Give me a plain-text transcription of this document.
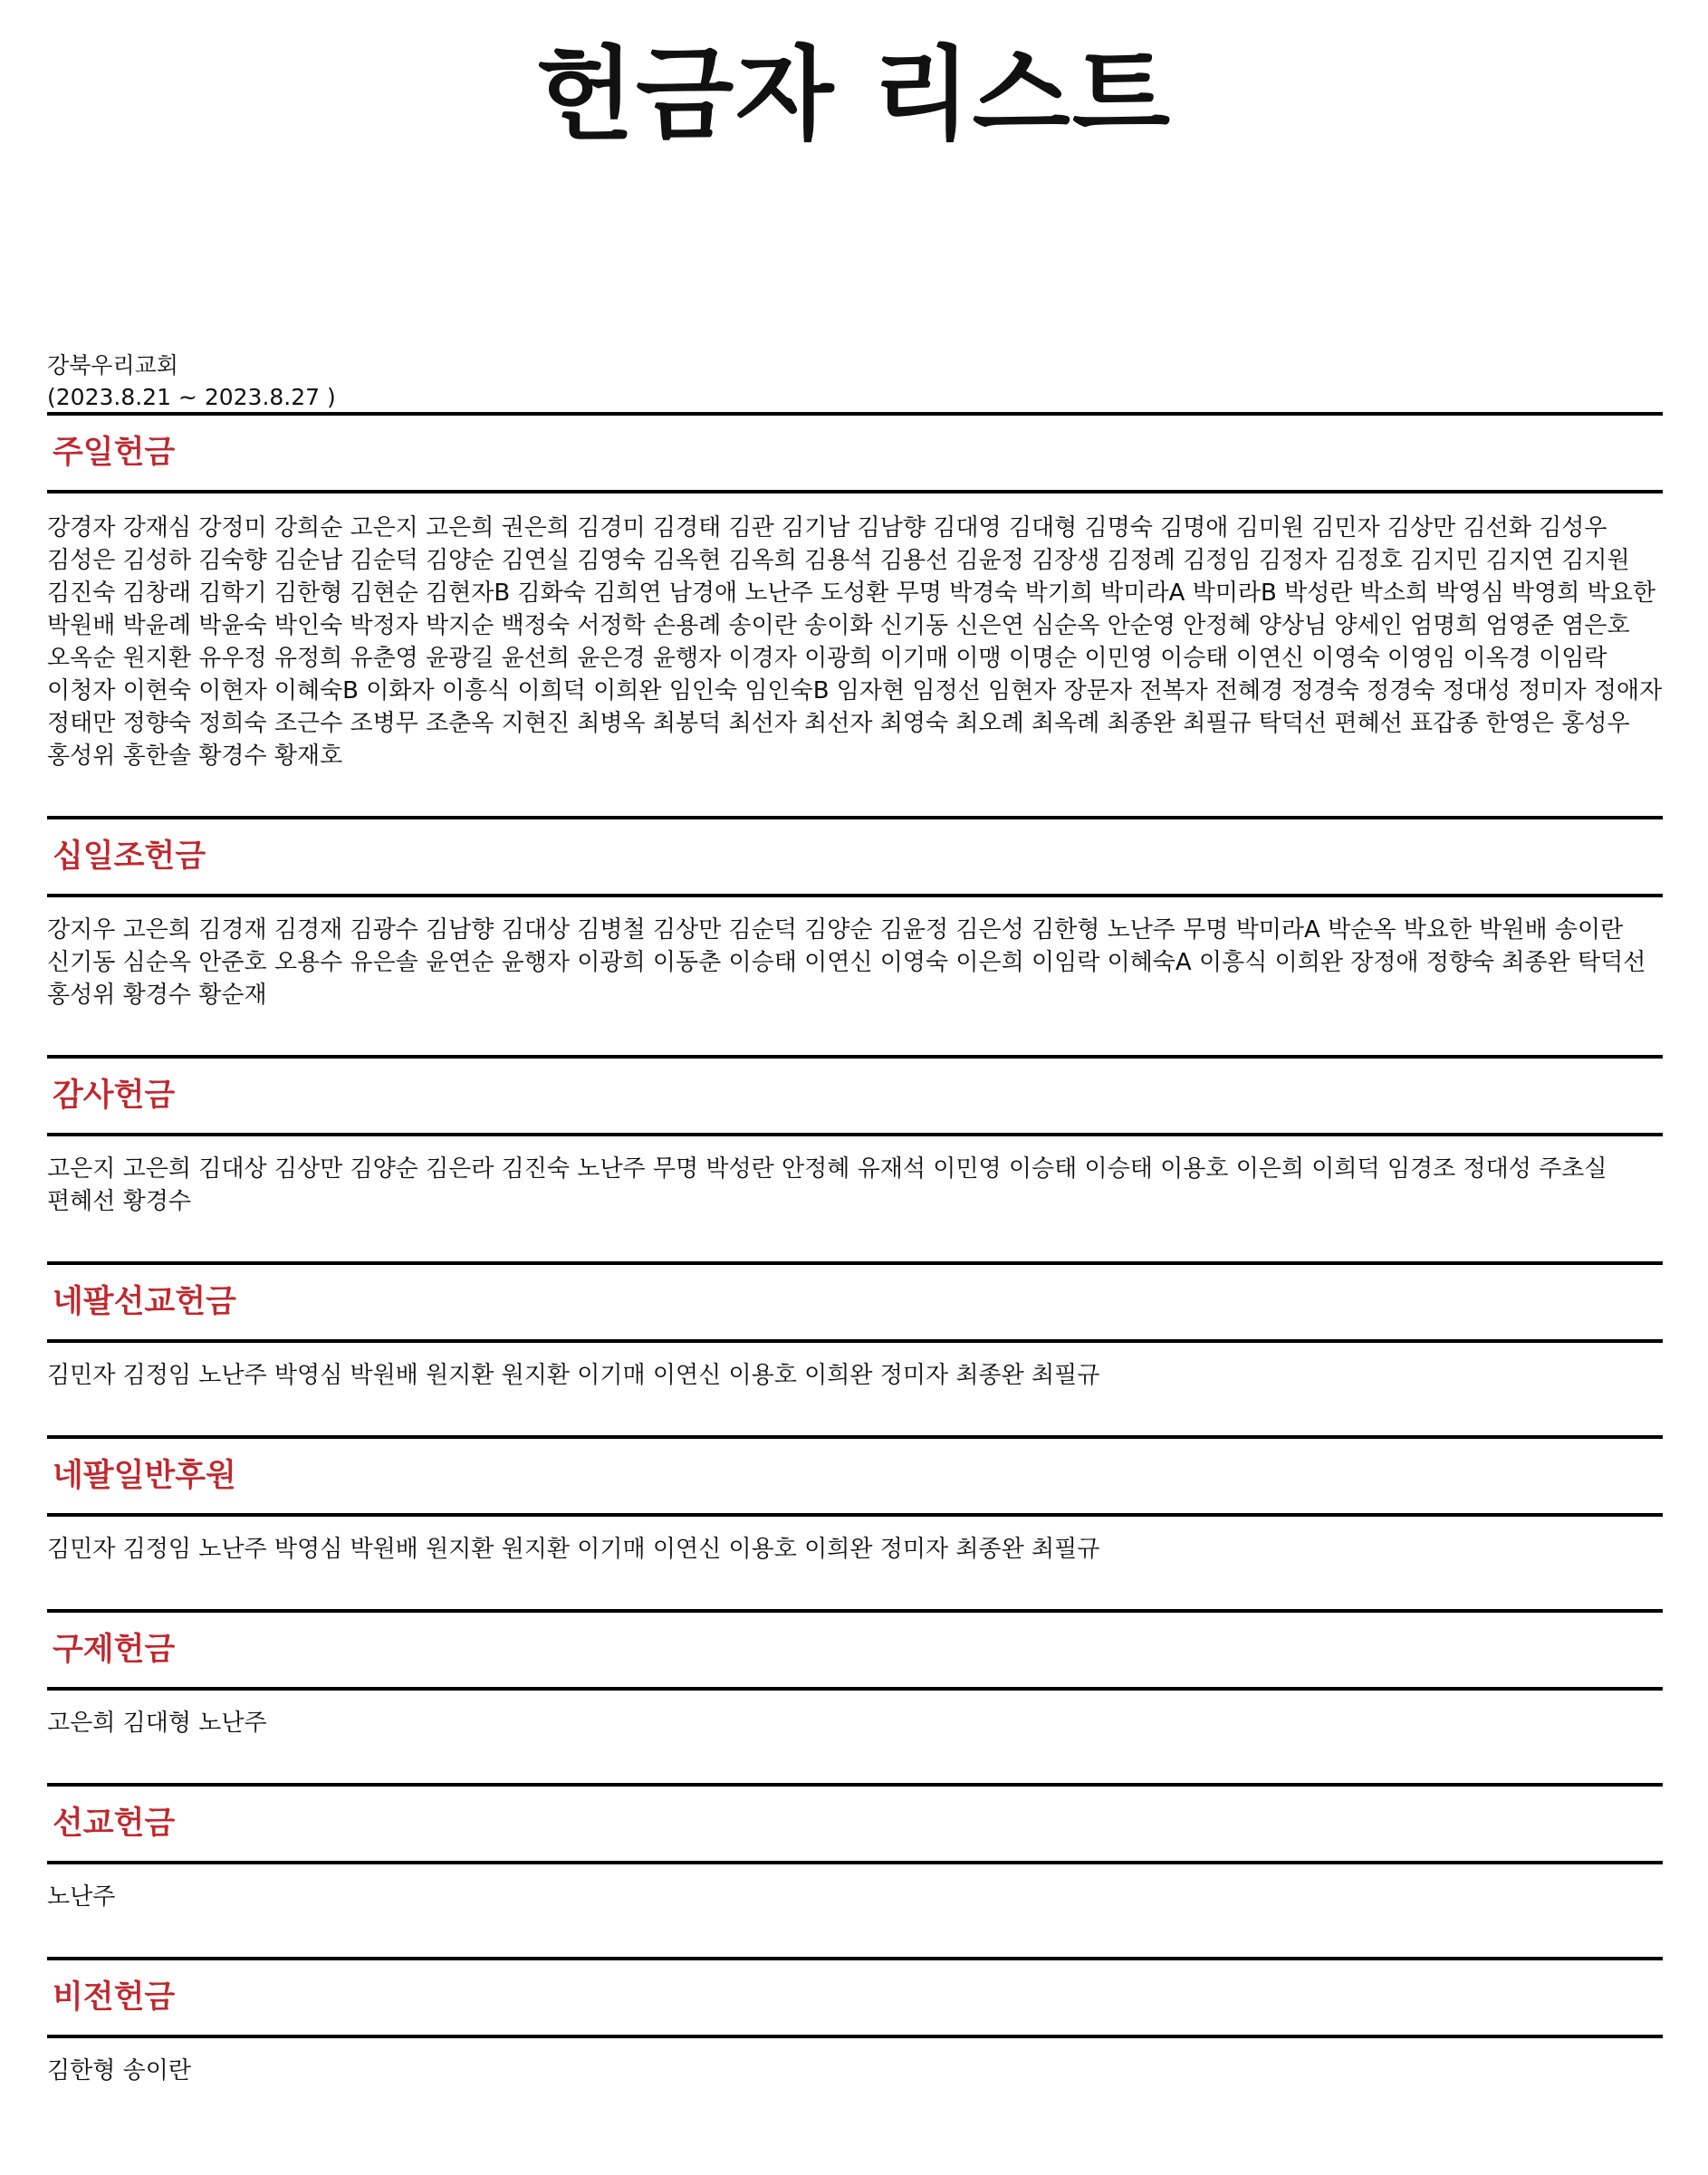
헌금자 리스트
강북우리교회
(2023.8.21 ~ 2023.8.27 )
주일헌금
강경자 강재심 강정미 강희순 고은지 고은희 권은희 김경미 김경태 김관 김기남 김남향 김대영 김대형 김명숙 김명애 김미원 김민자 김상만 김선화 김성우 김성은 김성하 김숙향 김순남 김순덕 김양순 김연실 김영숙 김옥현 김옥희 김용석 김용선 김윤정 김장생 김정례 김정임 김정자 김정호 김지민 김지연 김지원 김진숙 김창래 김학기 김한형 김현순 김현자B 김화숙 김희연 남경애 노난주 도성환 무명 박경숙 박기희 박미라A 박미라B 박성란 박소희 박영심 박영희 박요한 박원배 박윤례 박윤숙 박인숙 박정자 박지순 백정숙 서정학 손용례 송이란 송이화 신기동 신은연 심순옥 안순영 안정혜 양상님 양세인 엄명희 엄영준 염은호 오옥순 원지환 유우정 유정희 유춘영 윤광길 윤선희 윤은경 윤행자 이경자 이광희 이기매 이맹 이명순 이민영 이승태 이연신 이영숙 이영임 이옥경 이임락 이청자 이현숙 이현자 이혜숙B 이화자 이흥식 이희덕 이희완 임인숙 임인숙B 임자현 임정선 임현자 장문자 전복자 전혜경 정경숙 정경숙 정대성 정미자 정애자 정태만 정향숙 정희숙 조근수 조병무 조춘옥 지현진 최병옥 최봉덕 최선자 최선자 최영숙 최오례 최옥례 최종완 최필규 탁덕선 편혜선 표갑종 한영은 홍성우 홍성위 홍한솔 황경수 황재호
십일조헌금
강지우 고은희 김경재 김경재 김광수 김남향 김대상 김병철 김상만 김순덕 김양순 김윤정 김은성 김한형 노난주 무명 박미라A 박순옥 박요한 박원배 송이란 신기동 심순옥 안준호 오용수 유은솔 윤연순 윤행자 이광희 이동춘 이승태 이연신 이영숙 이은희 이임락 이혜숙A 이흥식 이희완 장정애 정향숙 최종완 탁덕선 홍성위 황경수 황순재
감사헌금
고은지 고은희 김대상 김상만 김양순 김은라 김진숙 노난주 무명 박성란 안정혜 유재석 이민영 이승태 이승태 이용호 이은희 이희덕 임경조 정대성 주초실 편혜선 황경수
네팔선교헌금
김민자 김정임 노난주 박영심 박원배 원지환 원지환 이기매 이연신 이용호 이희완 정미자 최종완 최필규
네팔일반후원
김민자 김정임 노난주 박영심 박원배 원지환 원지환 이기매 이연신 이용호 이희완 정미자 최종완 최필규
구제헌금
고은희 김대형 노난주
선교헌금
노난주
비전헌금
김한형 송이란
